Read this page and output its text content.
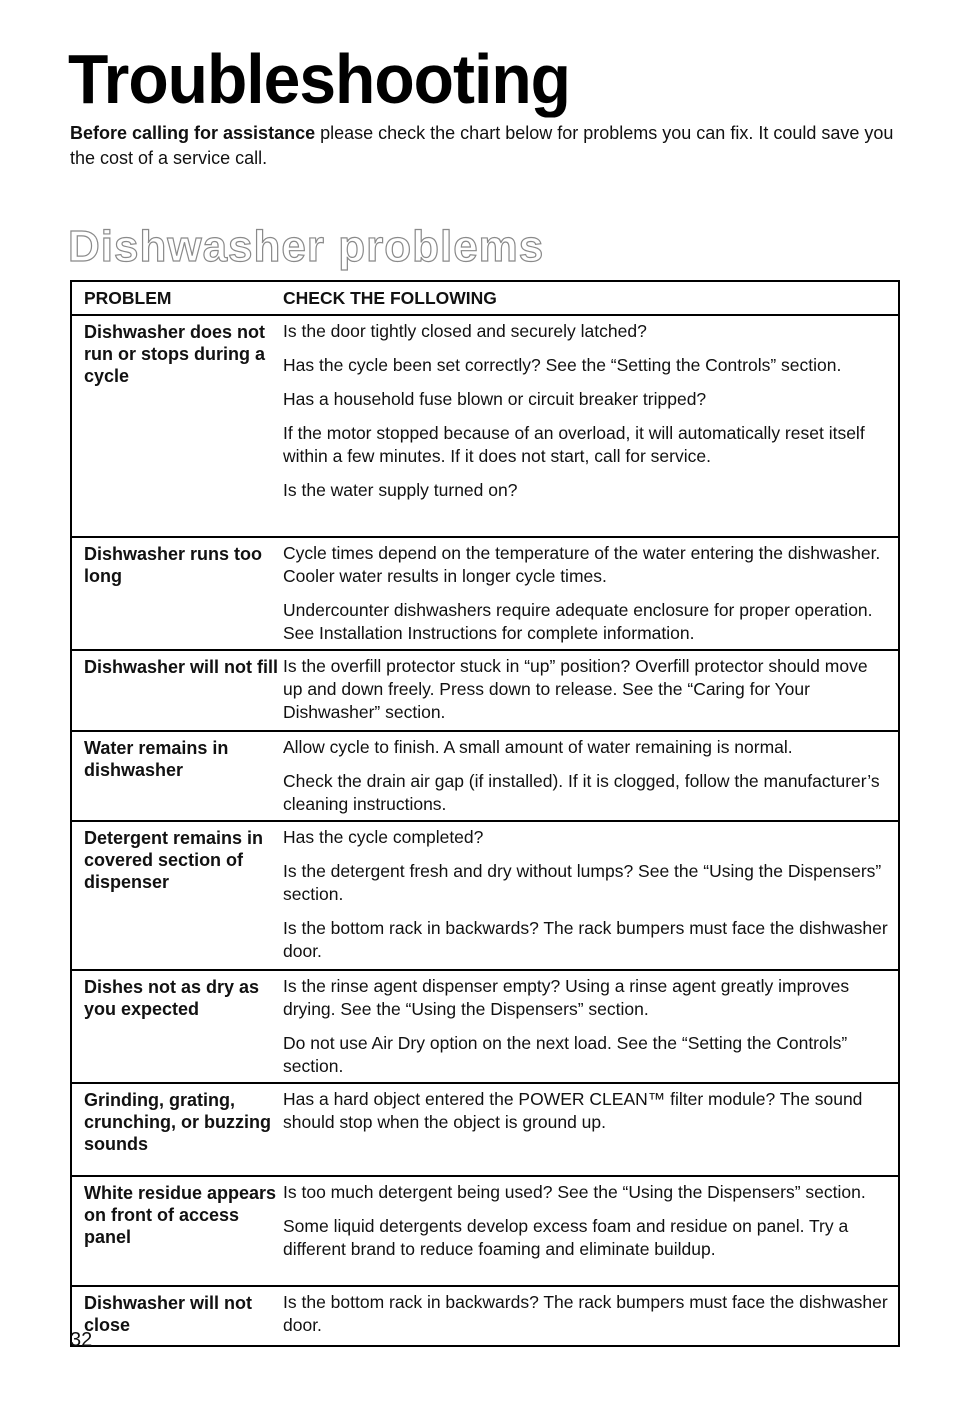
Troubleshooting

Before calling for assistance please check the chart below for problems you can fix. It could save you the cost of a service call.

Dishwasher problems
PROBLEM	CHECK THE FOLLOWING
Dishwasher does not run or stops during a cycle

Is the door tightly closed and securely latched?

Has the cycle been set correctly? See the “Setting the Controls” section.

Has a household fuse blown or circuit breaker tripped?

If the motor stopped because of an overload, it will automatically reset itself within a few minutes. If it does not start, call for service.

Is the water supply turned on?

Dishwasher runs too long

Cycle times depend on the temperature of the water entering the dishwasher. Cooler water results in longer cycle times.

Undercounter dishwashers require adequate enclosure for proper operation. See Installation Instructions for complete information.

Dishwasher will not fill Is the overfill protector stuck in “up” position? Overfill protector should move up and down freely. Press down to release. See the “Caring for Your Dishwasher” section.

Water remains in dishwasher

Allow cycle to finish. A small amount of water remaining is normal.

Check the drain air gap (if installed). If it is clogged, follow the manufacturer’s cleaning instructions.

Detergent remains in covered section of dispenser

Has the cycle completed?

Is the detergent fresh and dry without lumps? See the “Using the Dispensers” section.

Is the bottom rack in backwards? The rack bumpers must face the dishwasher door.

Dishes not as dry as you expected

Is the rinse agent dispenser empty? Using a rinse agent greatly improves drying. See the “Using the Dispensers” section.

Do not use Air Dry option on the next load. See the “Setting the Controls” section.

Grinding, grating, crunching, or buzzing sounds

Has a hard object entered the POWER CLEAN™ filter module? The sound should stop when the object is ground up.

White residue appears on front of access panel

Is too much detergent being used? See the “Using the Dispensers” section.

Some liquid detergents develop excess foam and residue on panel. Try a different brand to reduce foaming and eliminate buildup.

Dishwasher will not close

Is the bottom rack in backwards? The rack bumpers must face the dishwasher door.

32
